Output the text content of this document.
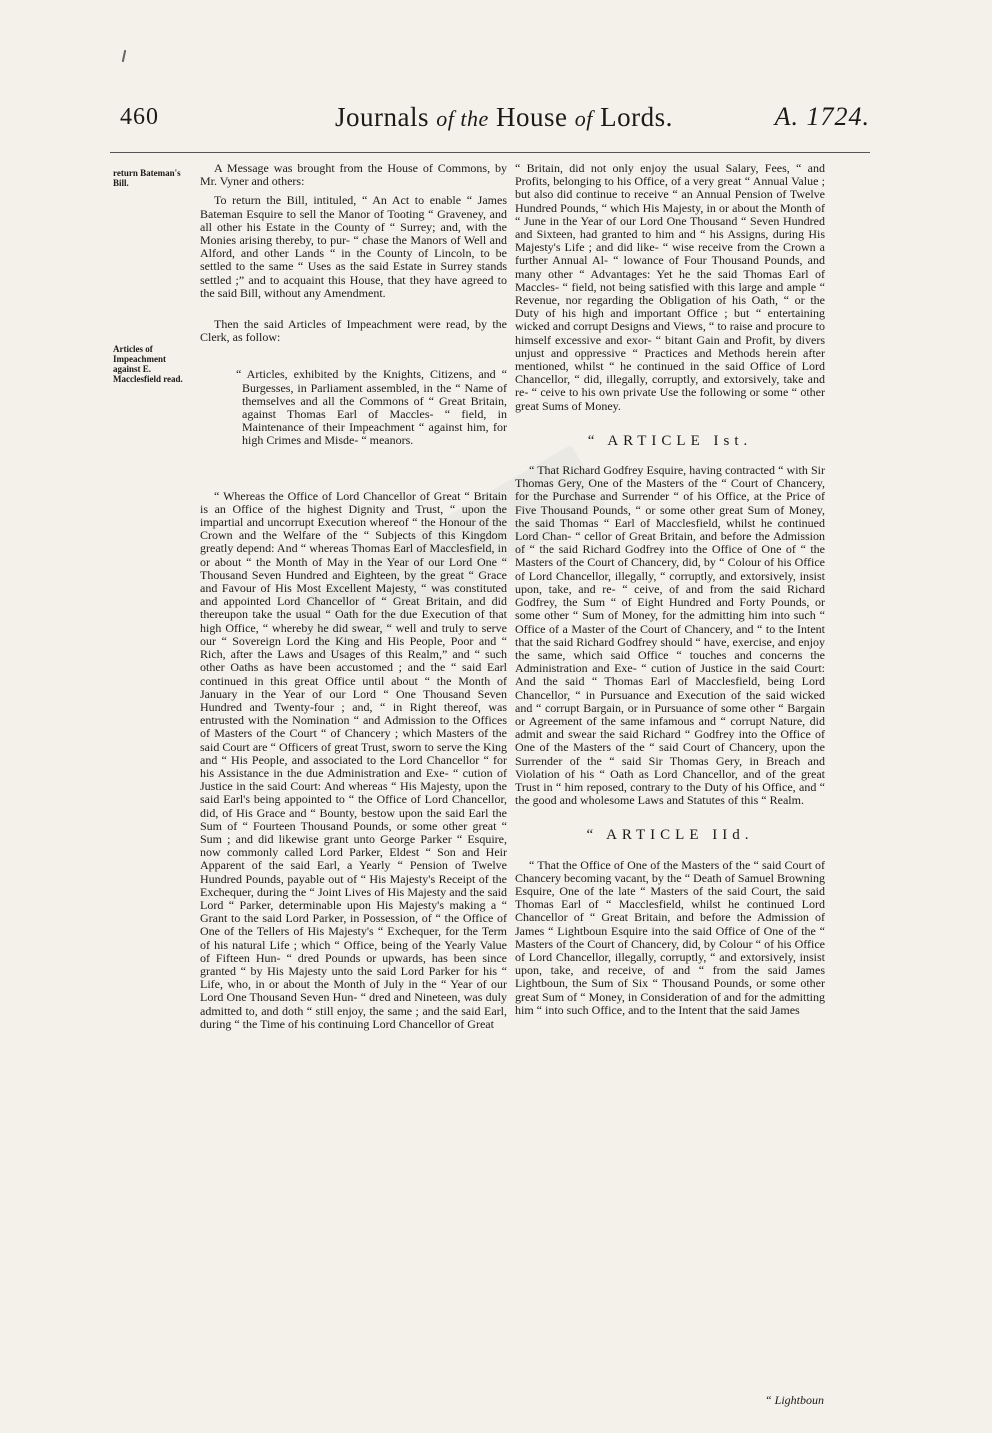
460	Journals of the House of Lords.	A. 1724.
return Bateman's Bill.
Articles of Impeachment against E. Macclesfield read.

A Message was brought from the House of Commons, by Mr. Vyner and others:

To return the Bill, intituled, “ An Act to enable “ James Bateman Esquire to sell the Manor of Tooting “ Graveney, and all other his Estate in the County of “ Surrey; and, with the Monies arising thereby, to pur- “ chase the Manors of Well and Alford, and other Lands “ in the County of Lincoln, to be settled to the same “ Uses as the said Estate in Surrey stands settled ;” and to acquaint this House, that they have agreed to the said Bill, without any Amendment.

Then the said Articles of Impeachment were read, by the Clerk, as follow:

“ Articles, exhibited by the Knights, Citizens, and “ Burgesses, in Parliament assembled, in the “ Name of themselves and all the Commons of “ Great Britain, against Thomas Earl of Maccles- “ field, in Maintenance of their Impeachment “ against him, for high Crimes and Misde- “ meanors.

“ Whereas the Office of Lord Chancellor of Great “ Britain is an Office of the highest Dignity and Trust, “ upon the impartial and uncorrupt Execution whereof “ the Honour of the Crown and the Welfare of the “ Subjects of this Kingdom greatly depend: And “ whereas Thomas Earl of Macclesfield, in or about “ the Month of May in the Year of our Lord One “ Thousand Seven Hundred and Eighteen, by the great “ Grace and Favour of His Most Excellent Majesty, “ was constituted and appointed Lord Chancellor of “ Great Britain, and did thereupon take the usual “ Oath for the due Execution of that high Office, “ whereby he did swear, “ well and truly to serve our “ Sovereign Lord the King and His People, Poor and “ Rich, after the Laws and Usages of this Realm,” and “ such other Oaths as have been accustomed ; and the “ said Earl continued in this great Office until about “ the Month of January in the Year of our Lord “ One Thousand Seven Hundred and Twenty-four ; and, “ in Right thereof, was entrusted with the Nomination “ and Admission to the Offices of Masters of the Court “ of Chancery ; which Masters of the said Court are “ Officers of great Trust, sworn to serve the King and “ His People, and associated to the Lord Chancellor “ for his Assistance in the due Administration and Exe- “ cution of Justice in the said Court: And whereas “ His Majesty, upon the said Earl's being appointed to “ the Office of Lord Chancellor, did, of His Grace and “ Bounty, bestow upon the said Earl the Sum of “ Fourteen Thousand Pounds, or some other great “ Sum ; and did likewise grant unto George Parker “ Esquire, now commonly called Lord Parker, Eldest “ Son and Heir Apparent of the said Earl, a Yearly “ Pension of Twelve Hundred Pounds, payable out of “ His Majesty's Receipt of the Exchequer, during the “ Joint Lives of His Majesty and the said Lord “ Parker, determinable upon His Majesty's making a “ Grant to the said Lord Parker, in Possession, of “ the Office of One of the Tellers of His Majesty's “ Exchequer, for the Term of his natural Life ; which “ Office, being of the Yearly Value of Fifteen Hun- “ dred Pounds or upwards, has been since granted “ by His Majesty unto the said Lord Parker for his “ Life, who, in or about the Month of July in the “ Year of our Lord One Thousand Seven Hun- “ dred and Nineteen, was duly admitted to, and doth “ still enjoy, the same ; and the said Earl, during “ the Time of his continuing Lord Chancellor of Great

“ Britain, did not only enjoy the usual Salary, Fees, “ and Profits, belonging to his Office, of a very great “ Annual Value ; but also did continue to receive “ an Annual Pension of Twelve Hundred Pounds, “ which His Majesty, in or about the Month of “ June in the Year of our Lord One Thousand “ Seven Hundred and Sixteen, had granted to him and “ his Assigns, during His Majesty's Life ; and did like- “ wise receive from the Crown a further Annual Al- “ lowance of Four Thousand Pounds, and many other “ Advantages: Yet he the said Thomas Earl of Maccles- “ field, not being satisfied with this large and ample “ Revenue, nor regarding the Obligation of his Oath, “ or the Duty of his high and important Office ; but “ entertaining wicked and corrupt Designs and Views, “ to raise and procure to himself excessive and exor- “ bitant Gain and Profit, by divers unjust and oppressive “ Practices and Methods herein after mentioned, whilst “ he continued in the said Office of Lord Chancellor, “ did, illegally, corruptly, and extorsively, take and re- “ ceive to his own private Use the following or some “ other great Sums of Money.

“ ARTICLE Ist.

“ That Richard Godfrey Esquire, having contracted “ with Sir Thomas Gery, One of the Masters of the “ Court of Chancery, for the Purchase and Surrender “ of his Office, at the Price of Five Thousand Pounds, “ or some other great Sum of Money, the said Thomas “ Earl of Macclesfield, whilst he continued Lord Chan- “ cellor of Great Britain, and before the Admission of “ the said Richard Godfrey into the Office of One of “ the Masters of the Court of Chancery, did, by “ Colour of his Office of Lord Chancellor, illegally, “ corruptly, and extorsively, insist upon, take, and re- “ ceive, of and from the said Richard Godfrey, the Sum “ of Eight Hundred and Forty Pounds, or some other “ Sum of Money, for the admitting him into such “ Office of a Master of the Court of Chancery, and “ to the Intent that the said Richard Godfrey should “ have, exercise, and enjoy the same, which said Office “ touches and concerns the Administration and Exe- “ cution of Justice in the said Court: And the said “ Thomas Earl of Macclesfield, being Lord Chancellor, “ in Pursuance and Execution of the said wicked and “ corrupt Bargain, or in Pursuance of some other “ Bargain or Agreement of the same infamous and “ corrupt Nature, did admit and swear the said Richard “ Godfrey into the Office of One of the Masters of the “ said Court of Chancery, upon the Surrender of the “ said Sir Thomas Gery, in Breach and Violation of his “ Oath as Lord Chancellor, and of the great Trust in “ him reposed, contrary to the Duty of his Office, and “ the good and wholesome Laws and Statutes of this “ Realm.

“ ARTICLE IId.

“ That the Office of One of the Masters of the “ said Court of Chancery becoming vacant, by the “ Death of Samuel Browning Esquire, One of the late “ Masters of the said Court, the said Thomas Earl of “ Macclesfield, whilst he continued Lord Chancellor of “ Great Britain, and before the Admission of James “ Lightboun Esquire into the said Office of One of the “ Masters of the Court of Chancery, did, by Colour “ of his Office of Lord Chancellor, illegally, corruptly, “ and extorsively, insist upon, take, and receive, of and “ from the said James Lightboun, the Sum of Six “ Thousand Pounds, or some other great Sum of “ Money, in Consideration of and for the admitting him “ into such Office, and to the Intent that the said James

“ Lightboun
